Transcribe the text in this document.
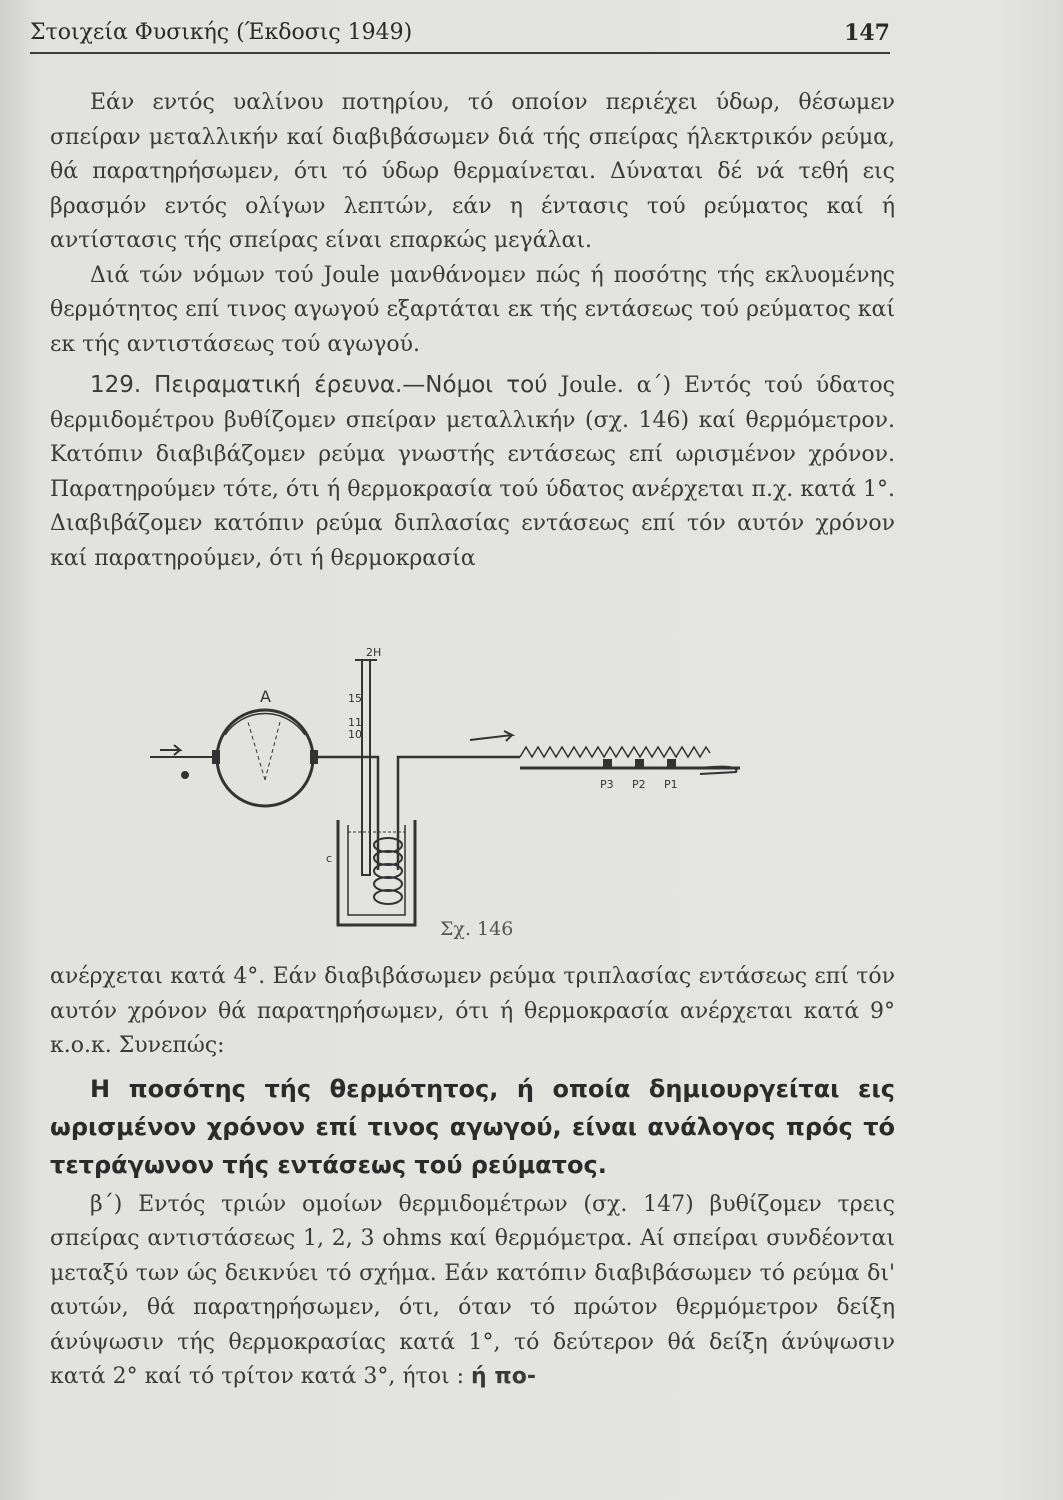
Στοιχεία Φυσικής (Έκδοσις 1949)	147

Εάν εντός υαλίνου ποτηρίου, τό οποίον περιέχει ύδωρ, θέσωμεν σπείραν μεταλλικήν καί διαβιβάσωμεν διά τής σπείρας ήλεκτρικόν ρεύμα, θά παρατηρήσωμεν, ότι τό ύδωρ θερμαίνεται. Δύναται δέ νά τεθή εις βρασμόν εντός ολίγων λεπτών, εάν η έντασις τού ρεύματος καί ή αντίστασις τής σπείρας είναι επαρκώς μεγάλαι.

Διά τών νόμων τού Joule μανθάνομεν πώς ή ποσότης τής εκλυομένης θερμότητος επί τινος αγωγού εξαρτάται εκ τής εντάσεως τού ρεύματος καί εκ τής αντιστάσεως τού αγωγού.

129. Πειραματική έρευνα.—Νόμοι τού Joule. α΄) Εντός τού ύδατος θερμιδομέτρου βυθίζομεν σπείραν μεταλλικήν (σχ. 146) καί θερμόμετρον. Κατόπιν διαβιβάζομεν ρεύμα γνωστής εντάσεως επί ωρισμένον χρόνον. Παρατηρούμεν τότε, ότι ή θερμοκρασία τού ύδατος ανέρχεται π.χ. κατά 1°. Διαβιβάζομεν κατόπιν ρεύμα διπλασίας εντάσεως επί τόν αυτόν χρόνον καί παρατηρούμεν, ότι ή θερμοκρασία

A
2H
15
11
10
c
P3 P2 P1
Σχ. 146

ανέρχεται κατά 4°. Εάν διαβιβάσωμεν ρεύμα τριπλασίας εντάσεως επί τόν αυτόν χρόνον θά παρατηρήσωμεν, ότι ή θερμοκρασία ανέρχεται κατά 9° κ.ο.κ. Συνεπώς:

Η ποσότης τής θερμότητος, ή οποία δημιουργείται εις ωρισμένον χρόνον επί τινος αγωγού, είναι ανάλογος πρός τό τετράγωνον τής εντάσεως τού ρεύματος.

β΄) Εντός τριών ομοίων θερμιδομέτρων (σχ. 147) βυθίζομεν τρεις σπείρας αντιστάσεως 1, 2, 3 ohms καί θερμόμετρα. Αί σπείραι συνδέονται μεταξύ των ώς δεικνύει τό σχήμα. Εάν κατόπιν διαβιβάσωμεν τό ρεύμα δι' αυτών, θά παρατηρήσωμεν, ότι, όταν τό πρώτον θερμόμετρον δείξη άνύψωσιν τής θερμοκρασίας κατά 1°, τό δεύτερον θά δείξη άνύψωσιν κατά 2° καί τό τρίτον κατά 3°, ήτοι : ή πο-
